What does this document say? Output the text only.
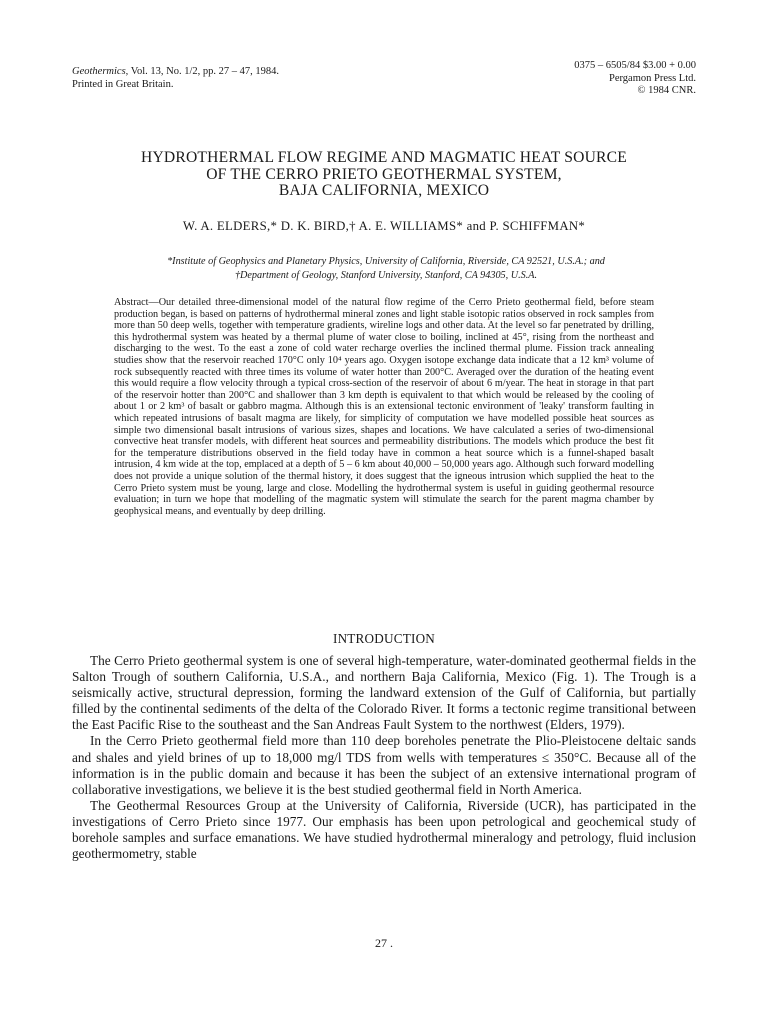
Geothermics, Vol. 13, No. 1/2, pp. 27 – 47, 1984.
Printed in Great Britain.
0375 – 6505/84 $3.00 + 0.00
Pergamon Press Ltd.
© 1984 CNR.
HYDROTHERMAL FLOW REGIME AND MAGMATIC HEAT SOURCE
OF THE CERRO PRIETO GEOTHERMAL SYSTEM,
BAJA CALIFORNIA, MEXICO
W. A. ELDERS,* D. K. BIRD,† A. E. WILLIAMS* and P. SCHIFFMAN*
*Institute of Geophysics and Planetary Physics, University of California, Riverside, CA 92521, U.S.A.; and
†Department of Geology, Stanford University, Stanford, CA 94305, U.S.A.
Abstract—Our detailed three-dimensional model of the natural flow regime of the Cerro Prieto geothermal field, before steam production began, is based on patterns of hydrothermal mineral zones and light stable isotopic ratios observed in rock samples from more than 50 deep wells, together with temperature gradients, wireline logs and other data. At the level so far penetrated by drilling, this hydrothermal system was heated by a thermal plume of water close to boiling, inclined at 45°, rising from the northeast and discharging to the west. To the east a zone of cold water recharge overlies the inclined thermal plume. Fission track annealing studies show that the reservoir reached 170°C only 10⁴ years ago. Oxygen isotope exchange data indicate that a 12 km³ volume of rock subsequently reacted with three times its volume of water hotter than 200°C. Averaged over the duration of the heating event this would require a flow velocity through a typical cross-section of the reservoir of about 6 m/year. The heat in storage in that part of the reservoir hotter than 200°C and shallower than 3 km depth is equivalent to that which would be released by the cooling of about 1 or 2 km³ of basalt or gabbro magma. Although this is an extensional tectonic environment of 'leaky' transform faulting in which repeated intrusions of basalt magma are likely, for simplicity of computation we have modelled possible heat sources as simple two dimensional basalt intrusions of various sizes, shapes and locations. We have calculated a series of two-dimensional convective heat transfer models, with different heat sources and permeability distributions. The models which produce the best fit for the temperature distributions observed in the field today have in common a heat source which is a funnel-shaped basalt intrusion, 4 km wide at the top, emplaced at a depth of 5 – 6 km about 40,000 – 50,000 years ago. Although such forward modelling does not provide a unique solution of the thermal history, it does suggest that the igneous intrusion which supplied the heat to the Cerro Prieto system must be young, large and close. Modelling the hydrothermal system is useful in guiding geothermal resource evaluation; in turn we hope that modelling of the magmatic system will stimulate the search for the parent magma chamber by geophysical means, and eventually by deep drilling.
INTRODUCTION

The Cerro Prieto geothermal system is one of several high-temperature, water-dominated geothermal fields in the Salton Trough of southern California, U.S.A., and northern Baja California, Mexico (Fig. 1). The Trough is a seismically active, structural depression, forming the landward extension of the Gulf of California, but partially filled by the continental sediments of the delta of the Colorado River. It forms a tectonic regime transitional between the East Pacific Rise to the southeast and the San Andreas Fault System to the northwest (Elders, 1979).

In the Cerro Prieto geothermal field more than 110 deep boreholes penetrate the Plio-Pleistocene deltaic sands and shales and yield brines of up to 18,000 mg/l TDS from wells with temperatures ≤ 350°C. Because all of the information is in the public domain and because it has been the subject of an extensive international program of collaborative investigations, we believe it is the best studied geothermal field in North America.

The Geothermal Resources Group at the University of California, Riverside (UCR), has participated in the investigations of Cerro Prieto since 1977. Our emphasis has been upon petrological and geochemical study of borehole samples and surface emanations. We have studied hydrothermal mineralogy and petrology, fluid inclusion geothermometry, stable

27 .
